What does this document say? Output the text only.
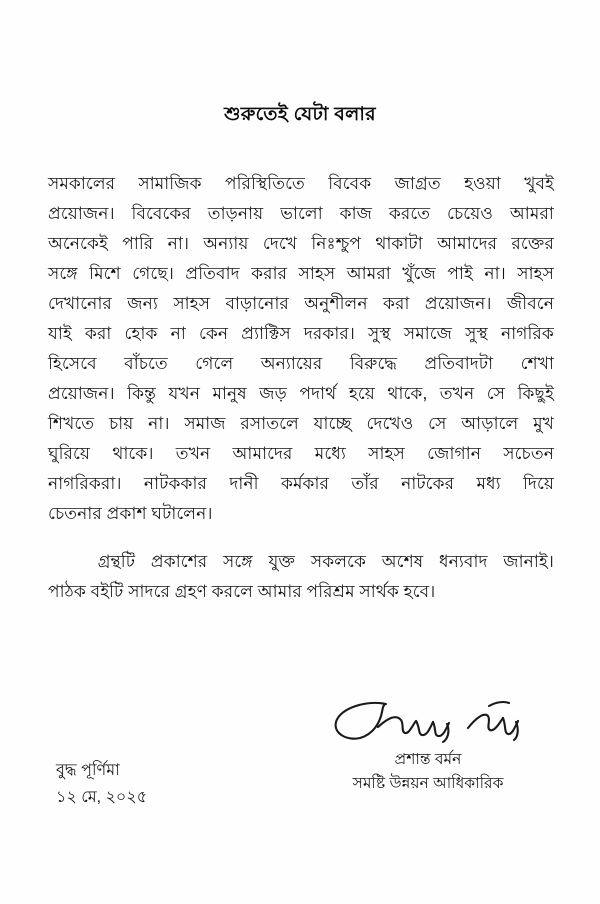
শুরুতেই যেটা বলার
সমকালের সামাজিক পরিস্থিতিতে বিবেক জাগ্রত হওয়া খুবই
প্রয়োজন। বিবেকের তাড়নায় ভালো কাজ করতে চেয়েও আমরা
অনেকেই পারি না। অন্যায় দেখে নিঃশ্চুপ থাকাটা আমাদের রক্তের
সঙ্গে মিশে গেছে। প্রতিবাদ করার সাহস আমরা খুঁজে পাই না। সাহস
দেখানোর জন্য সাহস বাড়ানোর অনুশীলন করা প্রয়োজন। জীবনে
যাই করা হোক না কেন প্র্যাক্টিস দরকার। সুস্থ সমাজে সুস্থ নাগরিক
হিসেবে বাঁচতে গেলে অন্যায়ের বিরুদ্ধে প্রতিবাদটা শেখা
প্রয়োজন। কিন্তু যখন মানুষ জড় পদার্থ হয়ে থাকে, তখন সে কিছুই
শিখতে চায় না। সমাজ রসাতলে যাচ্ছে দেখেও সে আড়ালে মুখ
ঘুরিয়ে থাকে। তখন আমাদের মধ্যে সাহস জোগান সচেতন
নাগরিকরা। নাটককার দানী কর্মকার তাঁর নাটকের মধ্য দিয়ে
চেতনার প্রকাশ ঘটালেন।
গ্রন্থটি প্রকাশের সঙ্গে যুক্ত সকলকে অশেষ ধন্যবাদ জানাই।
পাঠক বইটি সাদরে গ্রহণ করলে আমার পরিশ্রম সার্থক হবে।
প্রশান্ত বর্মন
সমষ্টি উন্নয়ন আধিকারিক
বুদ্ধ পূর্ণিমা
১২ মে, ২০২৫
